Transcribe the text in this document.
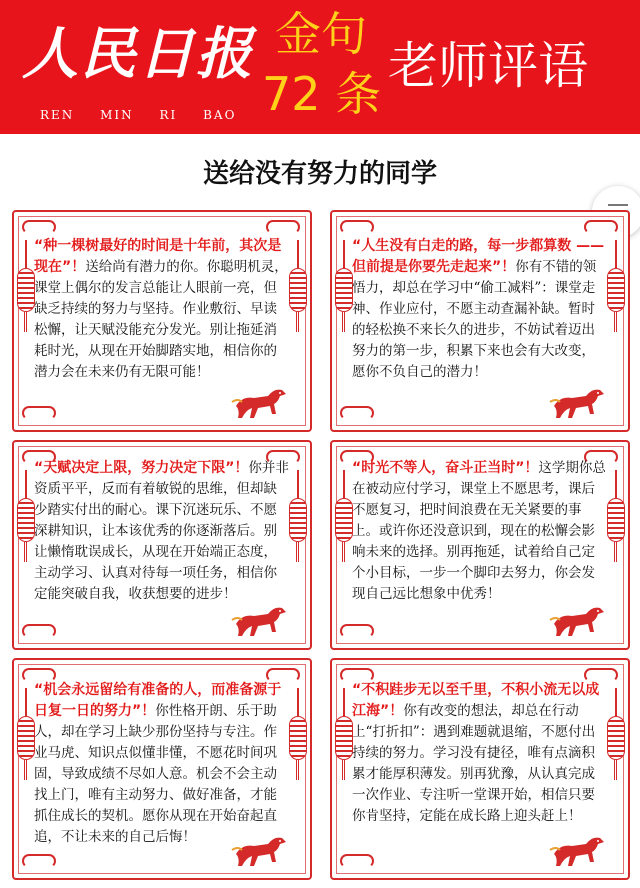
人民日报
REN MIN RI BAO
金句
72 条 老师评语
送给没有努力的同学
“种一棵树最好的时间是十年前，其次是现在”！送给尚有潜力的你。你聪明机灵，课堂上偶尔的发言总能让人眼前一亮，但缺乏持续的努力与坚持。作业敷衍、早读松懈，让天赋没能充分发光。别让拖延消耗时光，从现在开始脚踏实地，相信你的潜力会在未来仍有无限可能！
“人生没有白走的路，每一步都算数 —— 但前提是你要先走起来”！你有不错的领悟力，却总在学习中“偷工减料”：课堂走神、作业应付，不愿主动查漏补缺。暂时的轻松换不来长久的进步，不妨试着迈出努力的第一步，积累下来也会有大改变，愿你不负自己的潜力！
“天赋决定上限，努力决定下限”！你并非资质平平，反而有着敏锐的思维，但却缺少踏实付出的耐心。课下沉迷玩乐、不愿深耕知识，让本该优秀的你逐渐落后。别让懒惰耽误成长，从现在开始端正态度，主动学习、认真对待每一项任务，相信你定能突破自我，收获想要的进步！
“时光不等人，奋斗正当时”！这学期你总在被动应付学习，课堂上不愿思考，课后不愿复习，把时间浪费在无关紧要的事上。或许你还没意识到，现在的松懈会影响未来的选择。别再拖延，试着给自己定个小目标，一步一个脚印去努力，你会发现自己远比想象中优秀！
“机会永远留给有准备的人，而准备源于日复一日的努力”！你性格开朗、乐于助人，却在学习上缺少那份坚持与专注。作业马虎、知识点似懂非懂，不愿花时间巩固，导致成绩不尽如人意。机会不会主动找上门，唯有主动努力、做好准备，才能抓住成长的契机。愿你从现在开始奋起直追，不让未来的自己后悔！
“不积跬步无以至千里，不积小流无以成江海”！你有改变的想法，却总在行动上“打折扣”：遇到难题就退缩，不愿付出持续的努力。学习没有捷径，唯有点滴积累才能厚积薄发。别再犹豫，从认真完成一次作业、专注听一堂课开始，相信只要你肯坚持，定能在成长路上迎头赶上！
